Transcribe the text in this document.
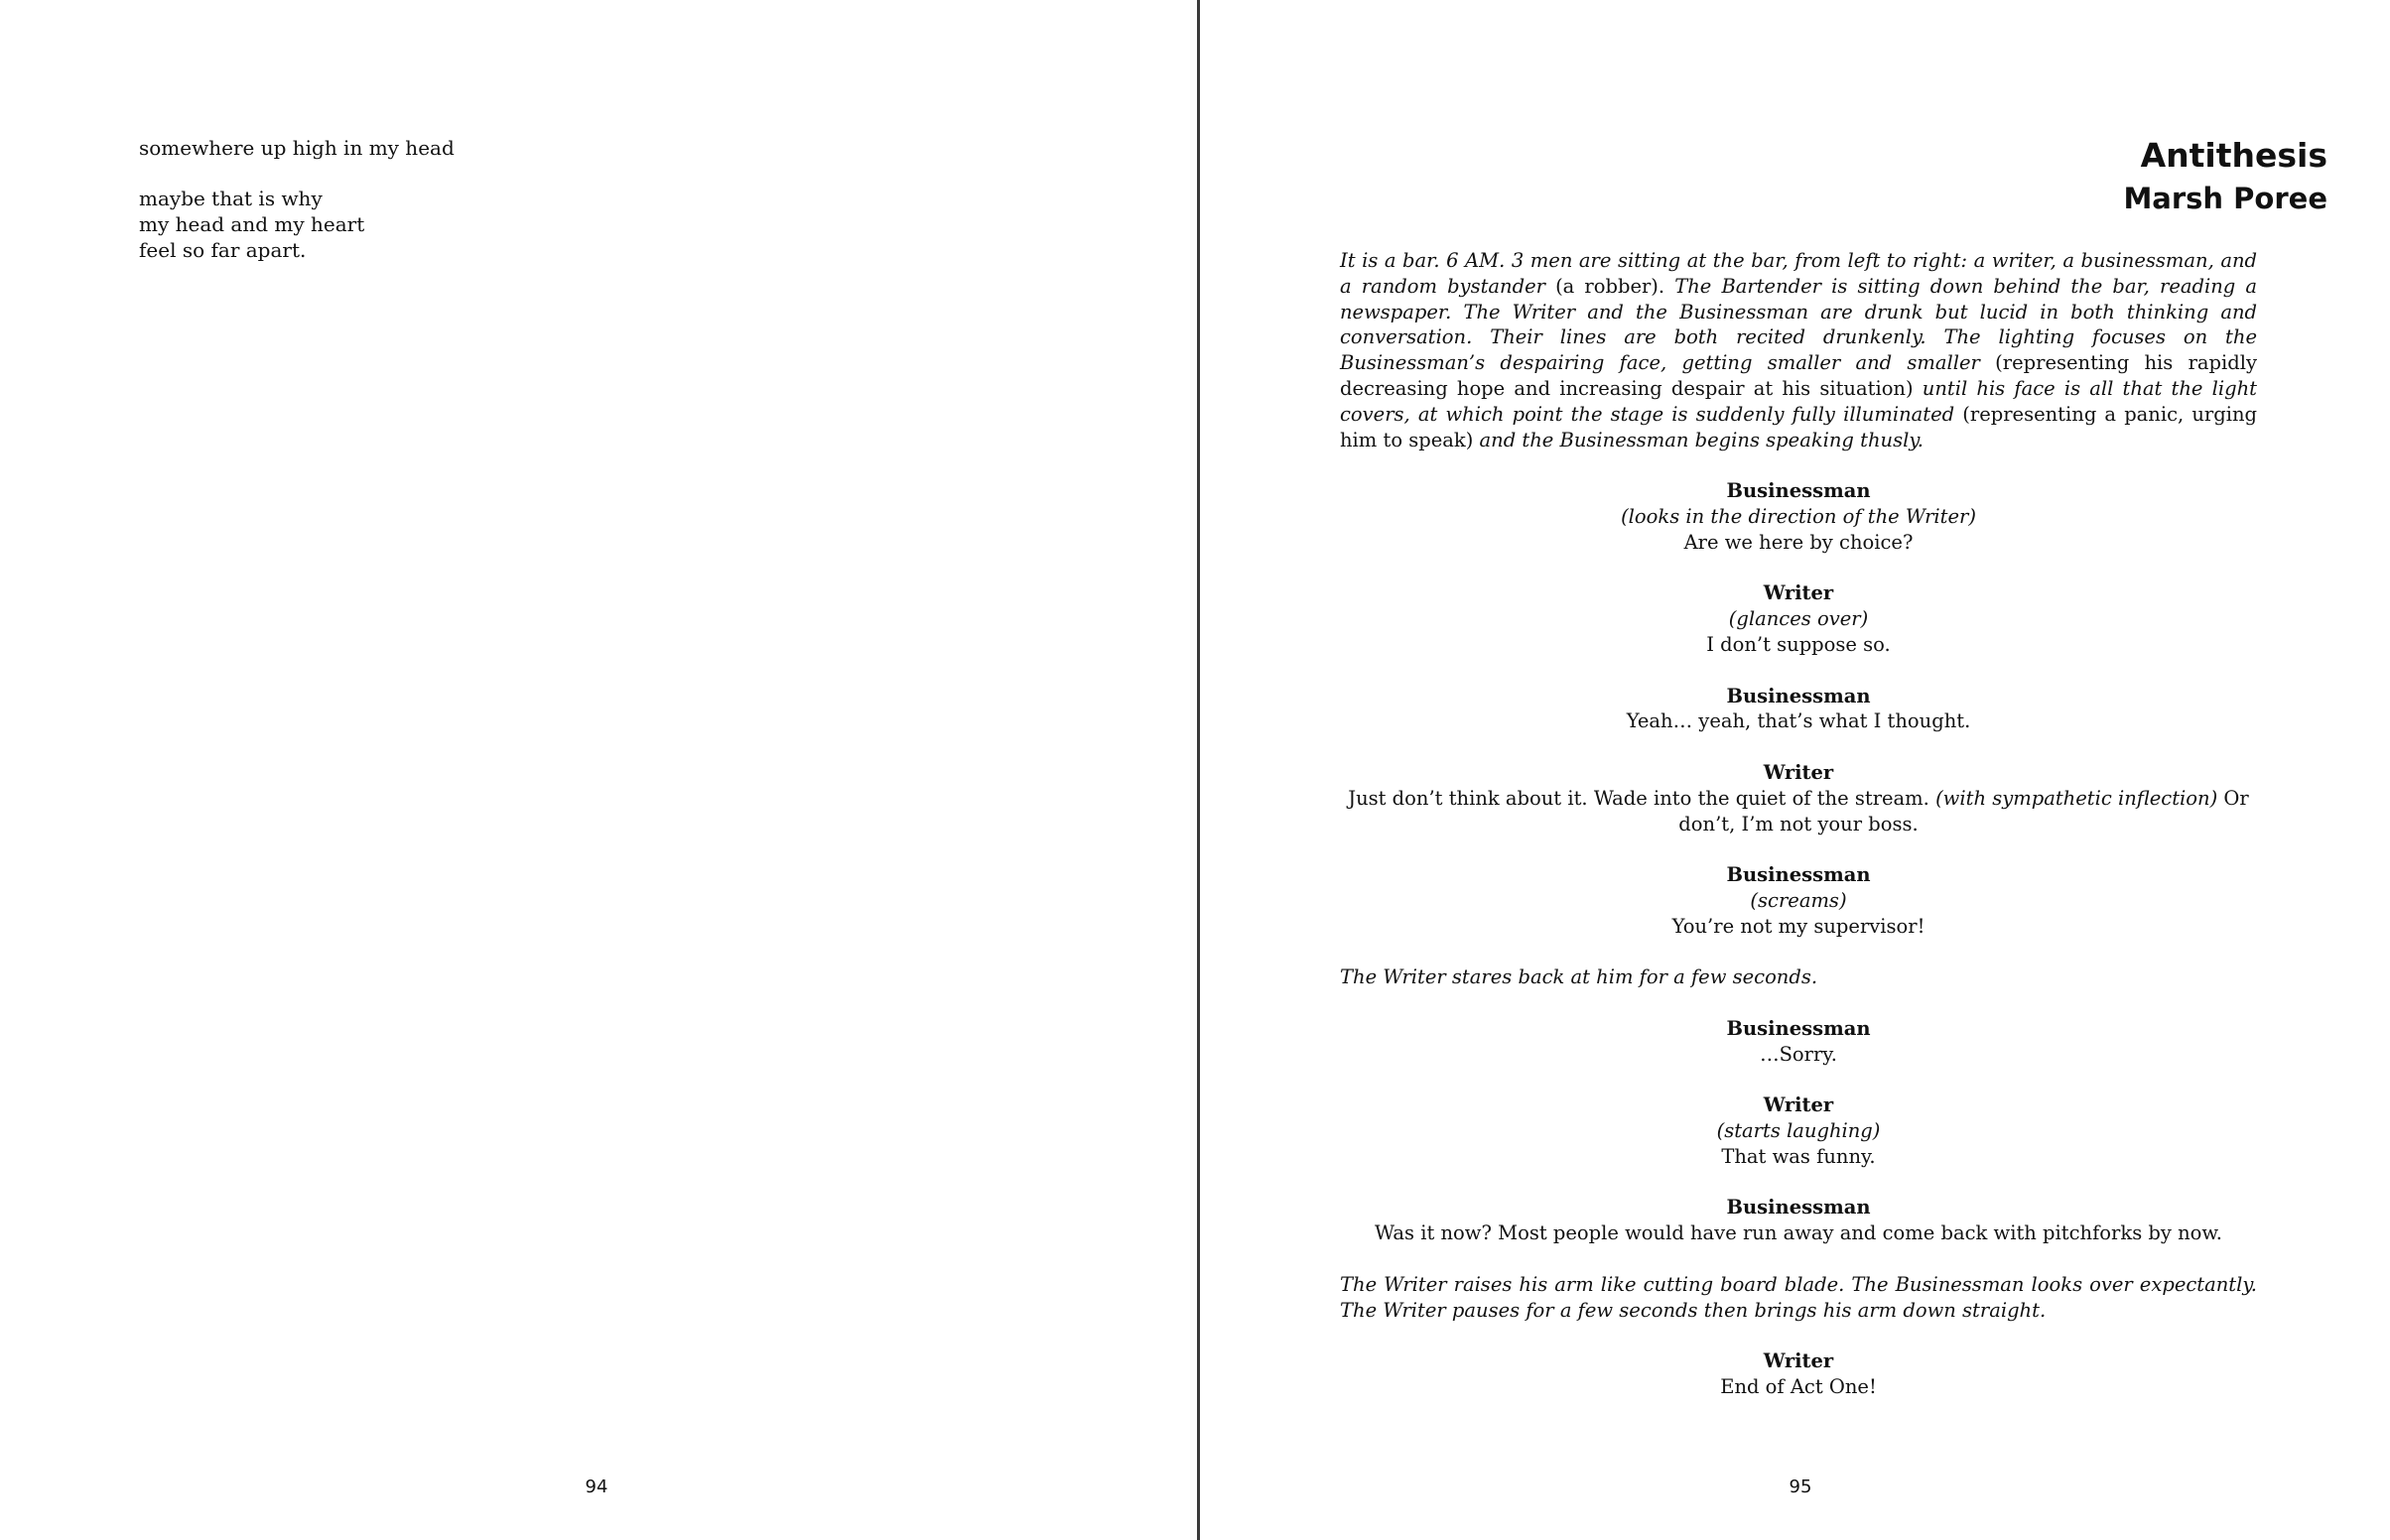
somewhere up high in my head
maybe that is why
my head and my heart
feel so far apart.
94
Antithesis
Marsh Poree

It is a bar. 6 AM. 3 men are sitting at the bar, from left to right: a writer, a businessman, and a random bystander (a robber). The Bartender is sitting down behind the bar, reading a newspaper. The Writer and the Businessman are drunk but lucid in both thinking and conversation. Their lines are both recited drunkenly. The lighting focuses on the Businessman’s despairing face, getting smaller and smaller (representing his rapidly decreasing hope and increasing despair at his situation) until his face is all that the light covers, at which point the stage is suddenly fully illuminated (representing a panic, urging him to speak) and the Businessman begins speaking thusly.

Businessman
(looks in the direction of the Writer)
Are we here by choice?
Writer
(glances over)
I don’t suppose so.
Businessman
Yeah… yeah, that’s what I thought.
Writer
Just don’t think about it. Wade into the quiet of the stream. (with sympathetic inflection) Or don’t, I’m not your boss.
Businessman
(screams)
You’re not my supervisor!

The Writer stares back at him for a few seconds.

Businessman
…Sorry.
Writer
(starts laughing)
That was funny.
Businessman
Was it now? Most people would have run away and come back with pitchforks by now.

The Writer raises his arm like cutting board blade. The Businessman looks over expectantly. The Writer pauses for a few seconds then brings his arm down straight.

Writer
End of Act One!
95
